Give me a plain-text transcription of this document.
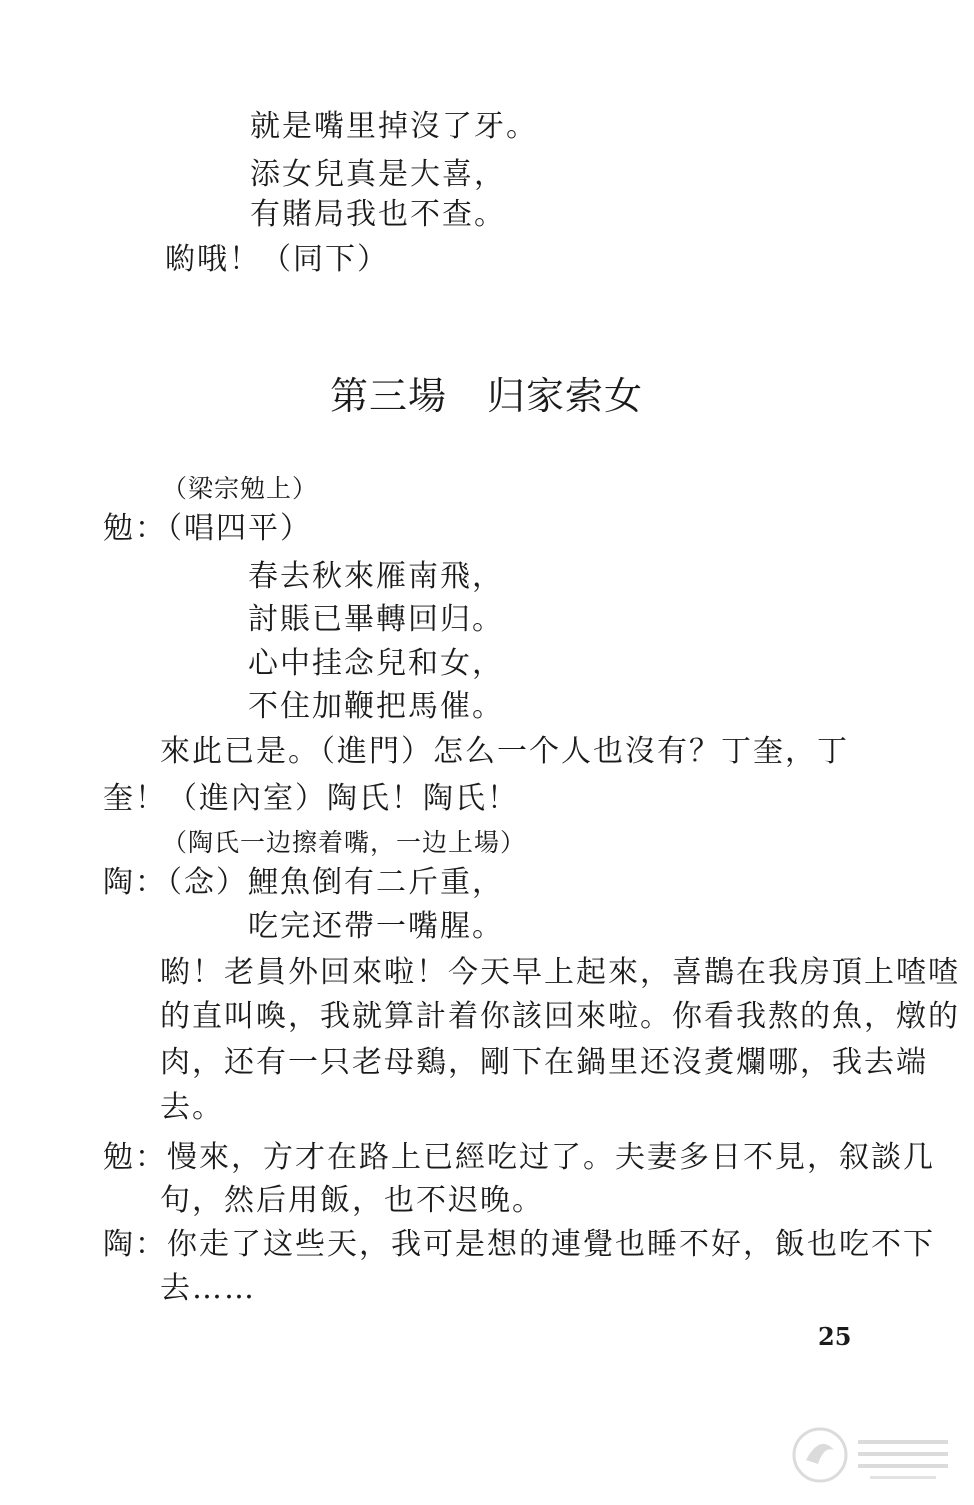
就是嘴里掉沒了牙。
添女兒真是大喜，
有賭局我也不查。
喲哦！（同下）
第三場 归家索女
（梁宗勉上）
勉：（唱四平）
春去秋來雁南飛，
討賬已畢轉回归。
心中挂念兒和女，
不住加鞭把馬催。
來此已是。（進門）怎么一个人也沒有？丁奎，丁
奎！（進內室）陶氏！陶氏！
（陶氏一边擦着嘴，一边上場）
陶：（念）鯉魚倒有二斤重，
吃完还帶一嘴腥。
喲！老員外回來啦！今天早上起來，喜鵲在我房頂上喳喳
的直叫喚，我就算計着你該回來啦。你看我熬的魚，燉的
肉，还有一只老母鷄，剛下在鍋里还沒煑爛哪，我去端
去。
勉：慢來，方才在路上已經吃过了。夫妻多日不見，叙談几
句，然后用飯，也不迟晚。
陶：你走了这些天，我可是想的連覺也睡不好，飯也吃不下
去……
25
